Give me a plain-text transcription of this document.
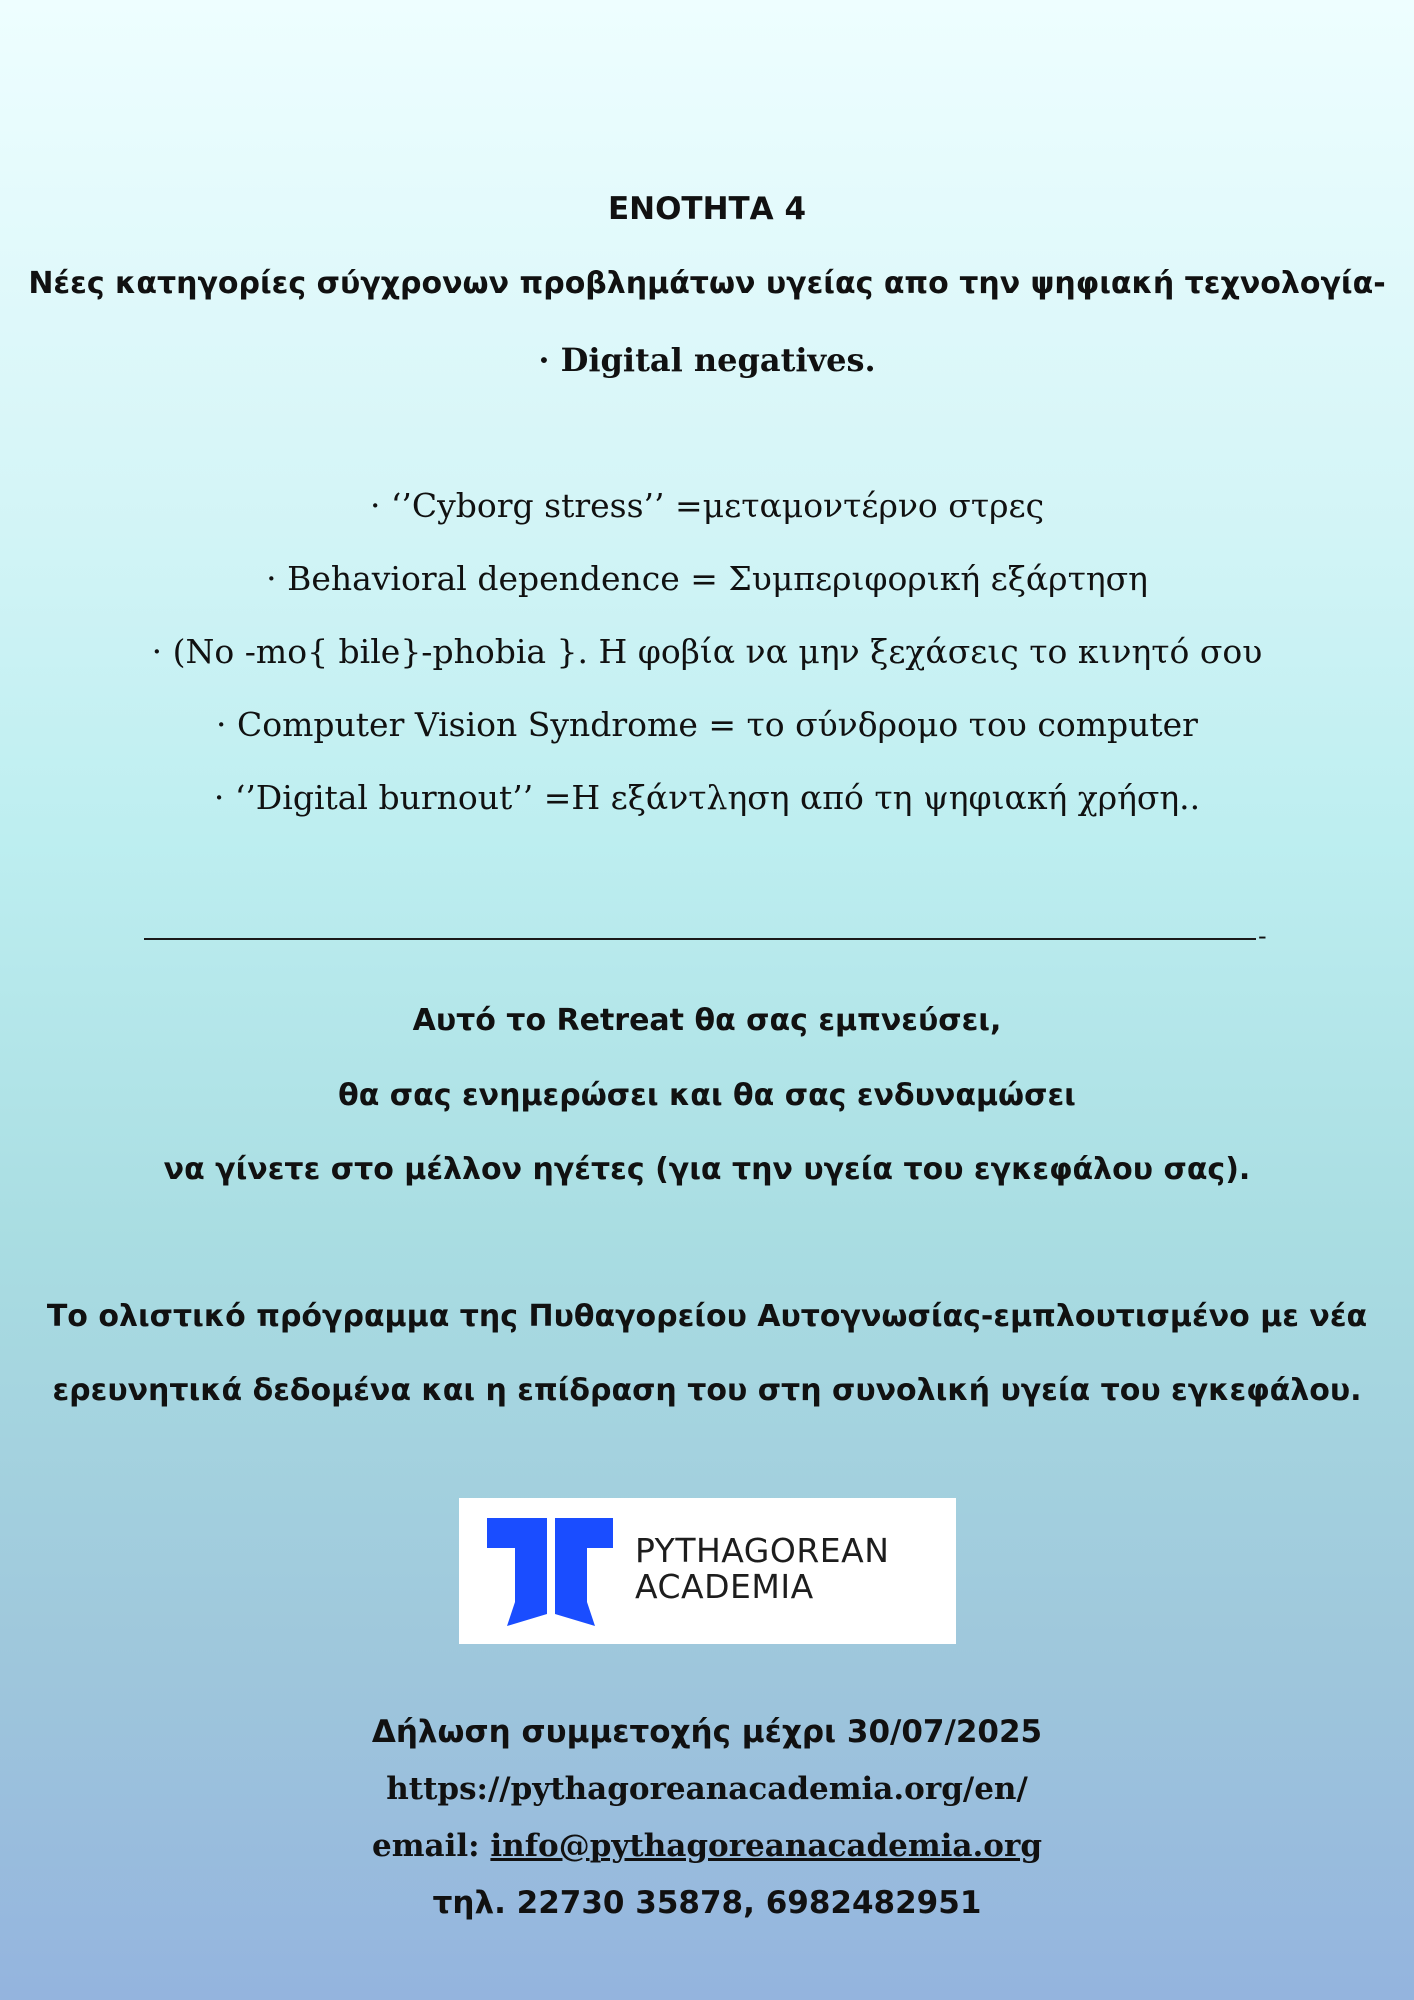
ΕΝΟΤΗΤΑ 4
Νέες κατηγορίες σύγχρονων προβλημάτων υγείας απο την ψηφιακή τεχνολογία-
· Digital negatives.
· ‘’Cyborg stress’’ =μεταμοντέρνο στρες
· Behavioral dependence = Συμπεριφορική εξάρτηση
· (No -mo{ bile}-phobia }. Η φοβία να μην ξεχάσεις το κινητό σου
· Computer Vision Syndrome = το σύνδρομο του computer
· ‘’Digital burnout’’ =Η εξάντληση από τη ψηφιακή χρήση..
-
Αυτό το Retreat θα σας εμπνεύσει,
θα σας ενημερώσει και θα σας ενδυναμώσει
να γίνετε στο μέλλον ηγέτες (για την υγεία του εγκεφάλου σας).
Το ολιστικό πρόγραμμα της Πυθαγορείου Αυτογνωσίας-εμπλουτισμένο με νέα
ερευνητικά δεδομένα και η επίδραση του στη συνολική υγεία του εγκεφάλου.
PYTHAGOREAN
ACADEMIA
Δήλωση συμμετοχής μέχρι 30/07/2025
https://pythagoreanacademia.org/en/
email: info@pythagoreanacademia.org
τηλ. 22730 35878, 6982482951
